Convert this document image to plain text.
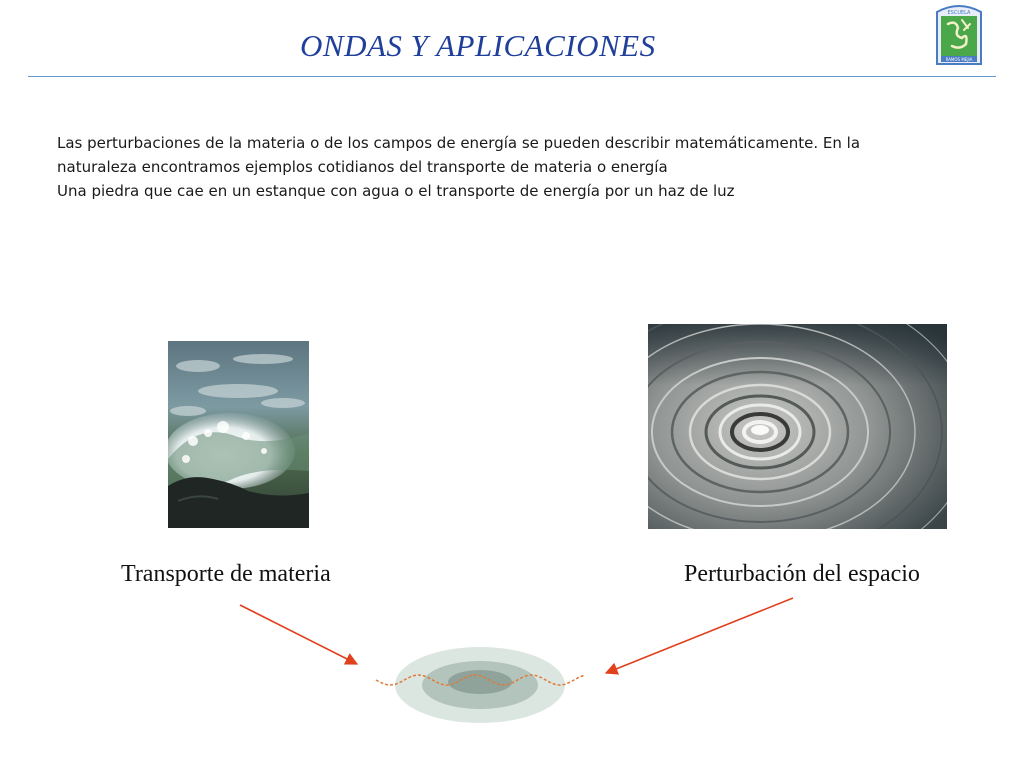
ONDAS Y APLICACIONES
ESCUELA
RAMOS MEJIA

Las perturbaciones de la materia o de los campos de energía se pueden describir matemáticamente. En la naturaleza encontramos ejemplos cotidianos del transporte de materia o energía

Una piedra que cae en un estanque con agua o el transporte de energía por un haz de luz

Transporte de materia	Perturbación del espacio
